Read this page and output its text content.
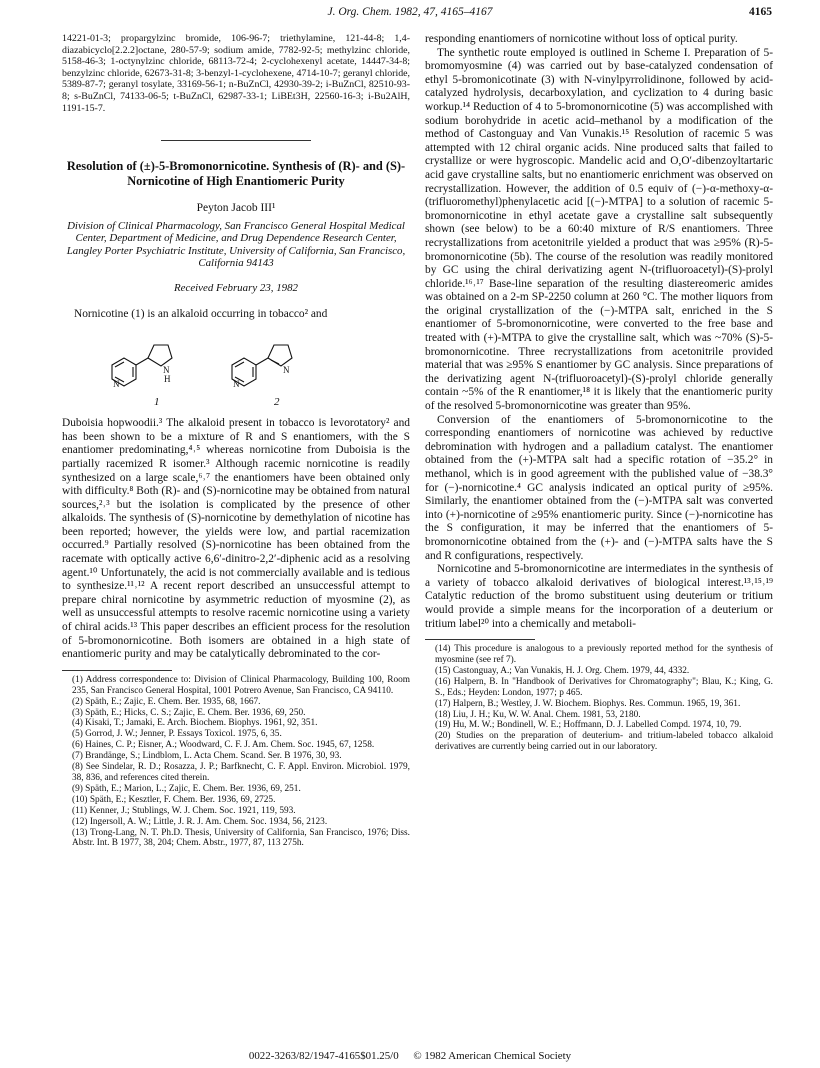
J. Org. Chem. 1982, 47, 4165–4167	4165

14221-01-3; propargylzinc bromide, 106-96-7; triethylamine, 121-44-8; 1,4-diazabicyclo[2.2.2]octane, 280-57-9; sodium amide, 7782-92-5; methylzinc chloride, 5158-46-3; 1-octynylzinc chloride, 68113-72-4; 2-cyclohexenyl acetate, 14447-34-8; benzylzinc chloride, 62673-31-8; 3-benzyl-1-cyclohexene, 4714-10-7; geranyl chloride, 5389-87-7; geranyl tosylate, 33169-56-1; n-BuZnCl, 42930-39-2; i-BuZnCl, 82510-93-8; s-BuZnCl, 74133-06-5; t-BuZnCl, 62987-33-1; LiBEt3H, 22560-16-3; i-Bu2AlH, 1191-15-7.

Resolution of (±)-5-Bromonornicotine. Synthesis of (R)- and (S)-Nornicotine of High Enantiomeric Purity
Peyton Jacob III¹
Division of Clinical Pharmacology, San Francisco General Hospital Medical Center, Department of Medicine, and Drug Dependence Research Center, Langley Porter Psychiatric Institute, University of California, San Francisco, California 94143
Received February 23, 1982

Nornicotine (1) is an alkaloid occurring in tobacco² and

N
N
H	N
N
1	2

Duboisia hopwoodii.³ The alkaloid present in tobacco is levorotatory² and has been shown to be a mixture of R and S enantiomers, with the S enantiomer predominating,⁴˒⁵ whereas nornicotine from Duboisia is the partially racemized R isomer.³ Although racemic nornicotine is readily synthesized on a large scale,⁶˒⁷ the enantiomers have been obtained only with difficulty.⁸ Both (R)- and (S)-nornicotine may be obtained from natural sources,²˒³ but the isolation is complicated by the presence of other alkaloids. The synthesis of (S)-nornicotine by demethylation of nicotine has been reported; however, the yields were low, and partial racemization occurred.⁹ Partially resolved (S)-nornicotine has been obtained from the racemate with optically active 6,6′-dinitro-2,2′-diphenic acid as a resolving agent.¹⁰ Unfortunately, the acid is not commercially available and is tedious to synthesize.¹¹˒¹² A recent report described an unsuccessful attempt to prepare chiral nornicotine by asymmetric reduction of myosmine (2), as well as unsuccessful attempts to resolve racemic nornicotine using a variety of chiral acids.¹³ This paper describes an efficient process for the resolution of 5-bromonornicotine. Both isomers are obtained in a high state of enantiomeric purity and may be catalytically debrominated to the cor-

(1) Address correspondence to: Division of Clinical Pharmacology, Building 100, Room 235, San Francisco General Hospital, 1001 Potrero Avenue, San Francisco, CA 94110.
(2) Späth, E.; Zajic, E. Chem. Ber. 1935, 68, 1667.
(3) Späth, E.; Hicks, C. S.; Zajic, E. Chem. Ber. 1936, 69, 250.
(4) Kisaki, T.; Jamaki, E. Arch. Biochem. Biophys. 1961, 92, 351.
(5) Gorrod, J. W.; Jenner, P. Essays Toxicol. 1975, 6, 35.
(6) Haines, C. P.; Eisner, A.; Woodward, C. F. J. Am. Chem. Soc. 1945, 67, 1258.
(7) Brandänge, S.; Lindblom, L. Acta Chem. Scand. Ser. B 1976, 30, 93.
(8) See Sindelar, R. D.; Rosazza, J. P.; Barfknecht, C. F. Appl. Environ. Microbiol. 1979, 38, 836, and references cited therein.
(9) Späth, E.; Marion, L.; Zajic, E. Chem. Ber. 1936, 69, 251.
(10) Späth, E.; Kesztler, F. Chem. Ber. 1936, 69, 2725.
(11) Kenner, J.; Stublings, W. J. Chem. Soc. 1921, 119, 593.
(12) Ingersoll, A. W.; Little, J. R. J. Am. Chem. Soc. 1934, 56, 2123.
(13) Trong-Lang, N. T. Ph.D. Thesis, University of California, San Francisco, 1976; Diss. Abstr. Int. B 1977, 38, 204; Chem. Abstr., 1977, 87, 113 275h.

responding enantiomers of nornicotine without loss of optical purity.

The synthetic route employed is outlined in Scheme I. Preparation of 5-bromomyosmine (4) was carried out by base-catalyzed condensation of ethyl 5-bromonicotinate (3) with N-vinylpyrrolidinone, followed by acid-catalyzed hydrolysis, decarboxylation, and cyclization to 4 during basic workup.¹⁴ Reduction of 4 to 5-bromonornicotine (5) was accomplished with sodium borohydride in acetic acid–methanol by a modification of the method of Castonguay and Van Vunakis.¹⁵ Resolution of racemic 5 was attempted with 12 chiral organic acids. Nine produced salts that failed to crystallize or were hygroscopic. Mandelic acid and O,O′-dibenzoyltartaric acid gave crystalline salts, but no enantiomeric enrichment was observed on recrystallization. However, the addition of 0.5 equiv of (−)-α-methoxy-α-(trifluoromethyl)phenylacetic acid [(−)-MTPA] to a solution of racemic 5-bromonornicotine in ethyl acetate gave a crystalline salt subsequently shown (see below) to be a 60:40 mixture of R/S enantiomers. Three recrystallizations from acetonitrile yielded a product that was ≥95% (R)-5-bromonornicotine (5b). The course of the resolution was readily monitored by GC using the chiral derivatizing agent N-(trifluoroacetyl)-(S)-prolyl chloride.¹⁶˒¹⁷ Base-line separation of the resulting diastereomeric amides was obtained on a 2-m SP-2250 column at 260 °C. The mother liquors from the original crystallization of the (−)-MTPA salt, enriched in the S enantiomer of 5-bromonornicotine, were converted to the free base and treated with (+)-MTPA to give the crystalline salt, which was ~70% (S)-5-bromonornicotine. Three recrystallizations from acetonitrile provided material that was ≥95% S enantiomer by GC analysis. Since preparations of the derivatizing agent N-(trifluoroacetyl)-(S)-prolyl chloride generally contain ~5% of the R enantiomer,¹⁸ it is likely that the enantiomeric purity of the resolved 5-bromonornicotine was greater than 95%.

Conversion of the enantiomers of 5-bromonornicotine to the corresponding enantiomers of nornicotine was achieved by reductive debromination with hydrogen and a palladium catalyst. The enantiomer obtained from the (+)-MTPA salt had a specific rotation of −35.2° in methanol, which is in good agreement with the published value of −38.3° for (−)-nornicotine.⁴ GC analysis indicated an optical purity of ≥95%. Similarly, the enantiomer obtained from the (−)-MTPA salt was converted into (+)-nornicotine of ≥95% enantiomeric purity. Since (−)-nornicotine has the S configuration, it may be inferred that the enantiomers of 5-bromonornicotine obtained from the (+)- and (−)-MTPA salts have the S and R configurations, respectively.

Nornicotine and 5-bromonornicotine are intermediates in the synthesis of a variety of tobacco alkaloid derivatives of biological interest.¹³˒¹⁵˒¹⁹ Catalytic reduction of the bromo substituent using deuterium or tritium would provide a simple means for the incorporation of a deuterium or tritium label²⁰ into a chemically and metaboli-

(14) This procedure is analogous to a previously reported method for the synthesis of myosmine (see ref 7).
(15) Castonguay, A.; Van Vunakis, H. J. Org. Chem. 1979, 44, 4332.
(16) Halpern, B. In "Handbook of Derivatives for Chromatography"; Blau, K.; King, G. S., Eds.; Heyden: London, 1977; p 465.
(17) Halpern, B.; Westley, J. W. Biochem. Biophys. Res. Commun. 1965, 19, 361.
(18) Liu, J. H.; Ku, W. W. Anal. Chem. 1981, 53, 2180.
(19) Hu, M. W.; Bondinell, W. E.; Hoffmann, D. J. Labelled Compd. 1974, 10, 79.
(20) Studies on the preparation of deuterium- and tritium-labeled tobacco alkaloid derivatives are currently being carried out in our laboratory.
0022-3263/82/1947-4165$01.25/0 © 1982 American Chemical Society
